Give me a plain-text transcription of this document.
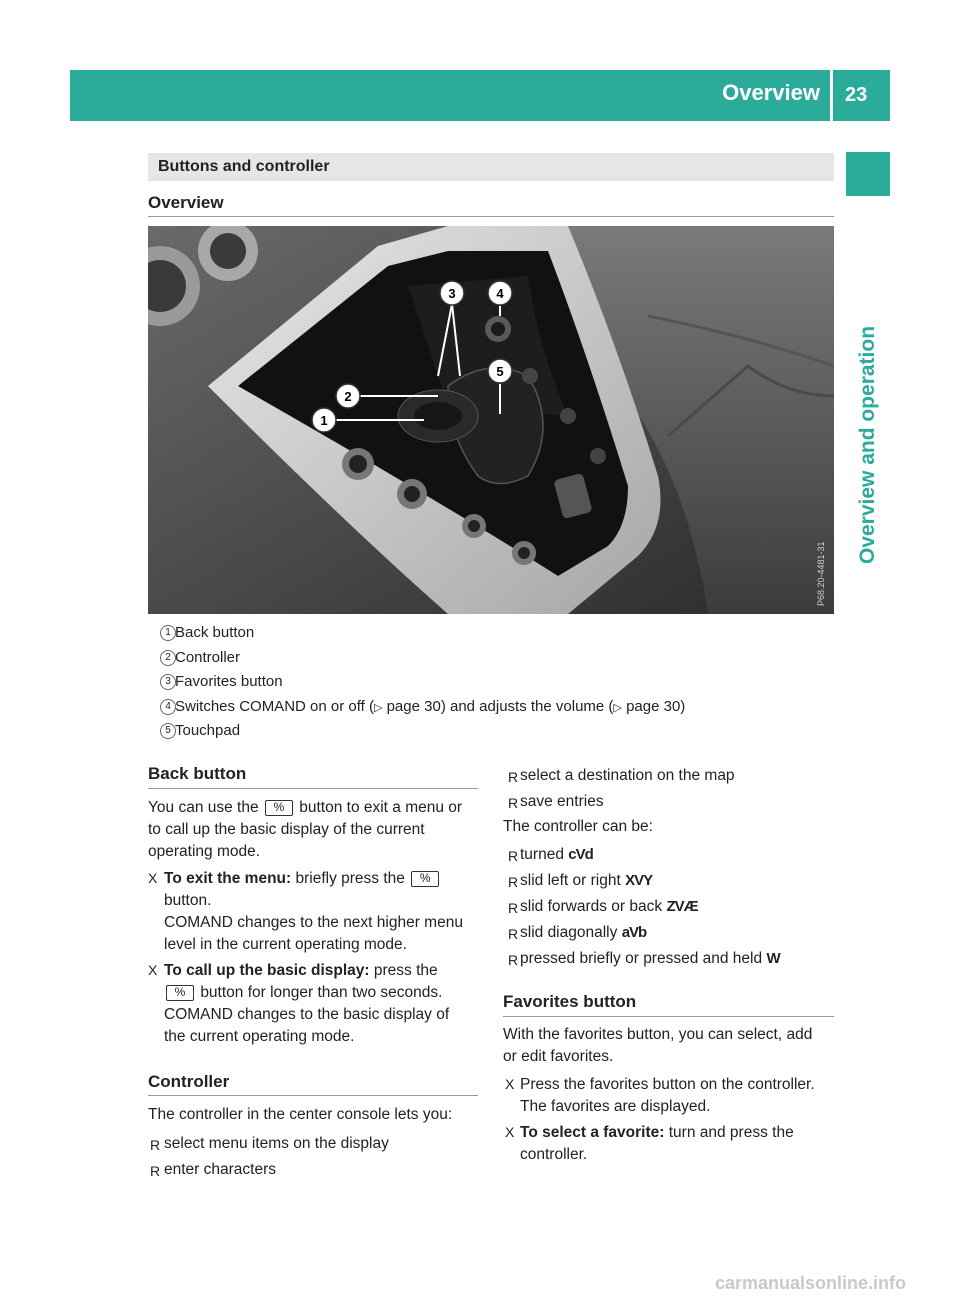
Overview 23
Overview and operation
Buttons and controller
Overview
3	4
5
2
1
P68.20-4481-31
1 Back button
2 Controller
3 Favorites button
4 Switches COMAND on or off (▷ page 30) and adjusts the volume (▷ page 30)
5 Touchpad
Back button
You can use the % button to exit a menu or
to call up the basic display of the current
operating mode.
X To exit the menu: briefly press the %
button.
COMAND changes to the next higher menu
level in the current operating mode.
X To call up the basic display: press the
% button for longer than two seconds.
COMAND changes to the basic display of
the current operating mode.
Controller
The controller in the center console lets you:
R select menu items on the display
R enter characters
R select a destination on the map
R save entries
The controller can be:
R turned cVd
R slid left or right XVY
R slid forwards or back ZVÆ
R slid diagonally aVb
R pressed briefly or pressed and held W
Favorites button
With the favorites button, you can select, add
or edit favorites.
X Press the favorites button on the controller.
The favorites are displayed.
X To select a favorite: turn and press the
controller.
carmanualsonline.info
